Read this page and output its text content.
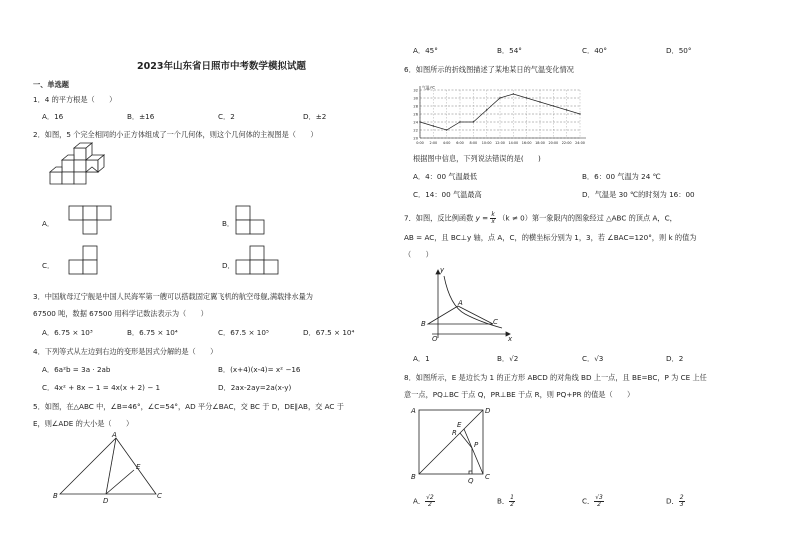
2023年山东省日照市中考数学模拟试题
一、单选题
1．4 的平方根是（　　）
A．16	B．±16	C．2	D．±2
2．如图，5 个完全相同的小正方体组成了一个几何体，则这个几何体的主视图是（　　）
A．	B．
C．	D．
3．中国航母辽宁舰是中国人民海军第一艘可以搭载固定翼飞机的航空母舰,满载排水量为
67500 吨，数据 67500 用科学记数法表示为（　　）
A．6.75 × 10³	B．6.75 × 10⁴	C．67.5 × 10⁵	D．67.5 × 10⁴
4．下列等式从左边到右边的变形是因式分解的是（　　）
A．6a²b = 3a · 2ab	B．(x+4)(x-4)= x² −16
C．4x² + 8x − 1 = 4x(x + 2) − 1	D．2ax-2ay=2a(x-y)
5．如图，在△ABC 中，∠B=46°，∠C=54°，AD 平分∠BAC，交 BC 于 D，DE∥AB，交 AC 于
E，则∠ADE 的大小是（　　）
A
B	C
D
E
A．45°	B．54°	C．40°	D．50°
6．如图所示的折线图描述了某地某日的气温变化情况
20
22
24
26
28
30
32
0:00 2:00 4:00 6:00 8:00 10:00 12:00 14:00 16:00 18:00 20:00 22:00 24:00
气温/℃
根据图中信息，下列说法错误的是(　　)
A．4：00 气温最低	B．6：00 气温为 24 ℃
C．14：00 气温最高	D．气温是 30 ℃的时刻为 16：00
7．如图，反比例函数 $y = \frac{k}{x} (k \ne 0)$第一象限内的图象经过 △ABC 的顶点 A，C，
AB = AC，且 BC⊥y 轴，点 A，C，的横坐标分别为 1，3，若 ∠BAC=120°，则 k 的值为
（　　）
y
x
O
A
B	C
A．1	B．√2	C．√3	D．2
8．如图所示，E 是边长为 1 的正方形 ABCD 的对角线 BD 上一点，且 BE=BC，P 为 CE 上任
意一点，PQ⊥BC 于点 Q，PR⊥BE 于点 R，则 PQ+PR 的值是（　　）
A
B	C
D
E
P
Q
R
A． $\frac{√2}{2}$	B． $\frac{1}{2}$	C． $\frac{√3}{2}$	D． $\frac{2}{3}$
